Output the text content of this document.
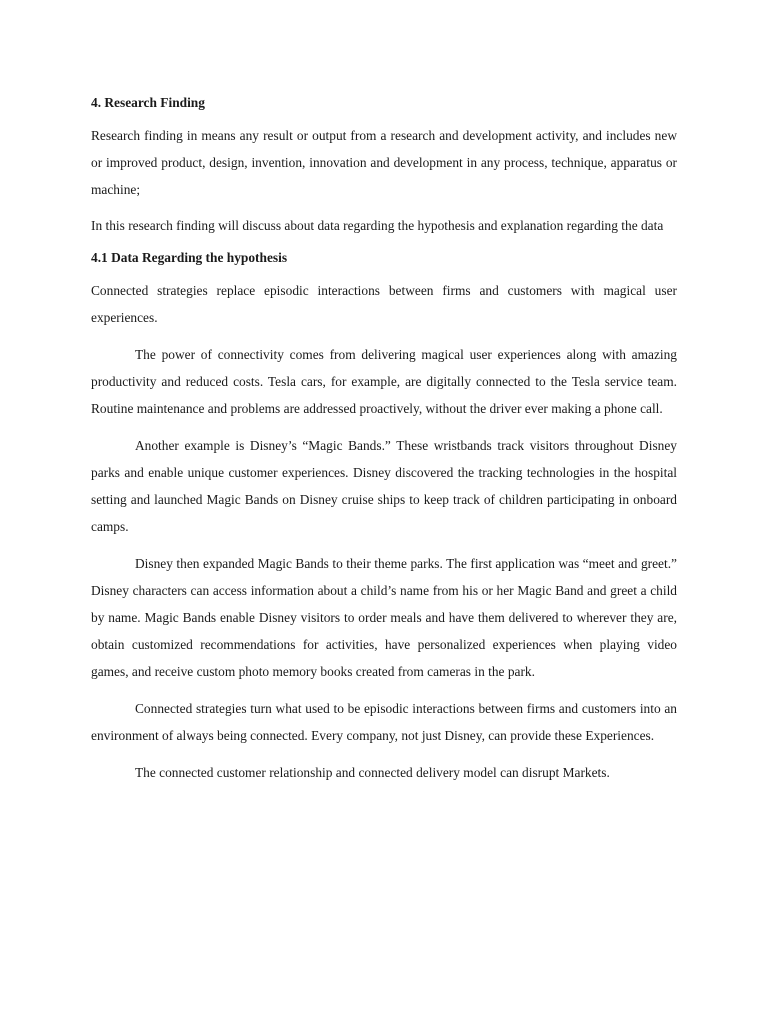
4. Research Finding

Research finding in means any result or output from a research and development activity, and includes new or improved product, design, invention, innovation and development in any process, technique, apparatus or machine;

In this research finding will discuss about data regarding the hypothesis and explanation regarding the data

4.1 Data Regarding the hypothesis

Connected strategies replace episodic interactions between firms and customers with magical user experiences.

The power of connectivity comes from delivering magical user experiences along with amazing productivity and reduced costs. Tesla cars, for example, are digitally connected to the Tesla service team. Routine maintenance and problems are addressed proactively, without the driver ever making a phone call.

Another example is Disney’s “Magic Bands.” These wristbands track visitors throughout Disney parks and enable unique customer experiences. Disney discovered the tracking technologies in the hospital setting and launched Magic Bands on Disney cruise ships to keep track of children participating in onboard camps.

Disney then expanded Magic Bands to their theme parks. The first application was “meet and greet.” Disney characters can access information about a child’s name from his or her Magic Band and greet a child by name. Magic Bands enable Disney visitors to order meals and have them delivered to wherever they are, obtain customized recommendations for activities, have personalized experiences when playing video games, and receive custom photo memory books created from cameras in the park.

Connected strategies turn what used to be episodic interactions between firms and customers into an environment of always being connected. Every company, not just Disney, can provide these Experiences.

The connected customer relationship and connected delivery model can disrupt Markets.
